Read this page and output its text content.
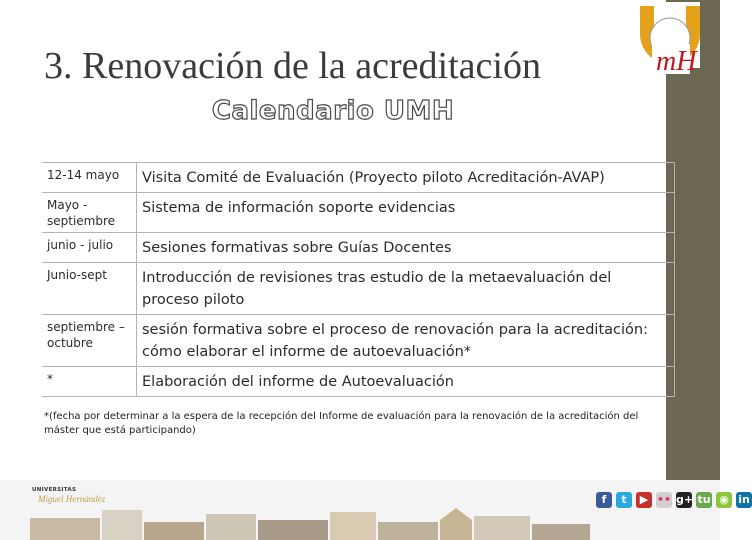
mH
3. Renovación de la acreditación
Calendario UMH
12-14 mayo	Visita Comité de Evaluación (Proyecto piloto Acreditación-AVAP)
Mayo - septiembre	Sistema de información soporte evidencias
junio - julio	Sesiones formativas sobre Guías Docentes
Junio-sept	Introducción de revisiones tras estudio de la metaevaluación del proceso piloto
septiembre – octubre	sesión formativa sobre el proceso de renovación para la acreditación: cómo elaborar el informe de autoevaluación*
*	Elaboración del informe de Autoevaluación
*(fecha por determinar a la espera de la recepción del Informe de evaluación para la renovación de la acreditación del máster que está participando)
UNIVERSITAS
Miguel Hernández	f	t	▶ •• g+ tu ◉ in
